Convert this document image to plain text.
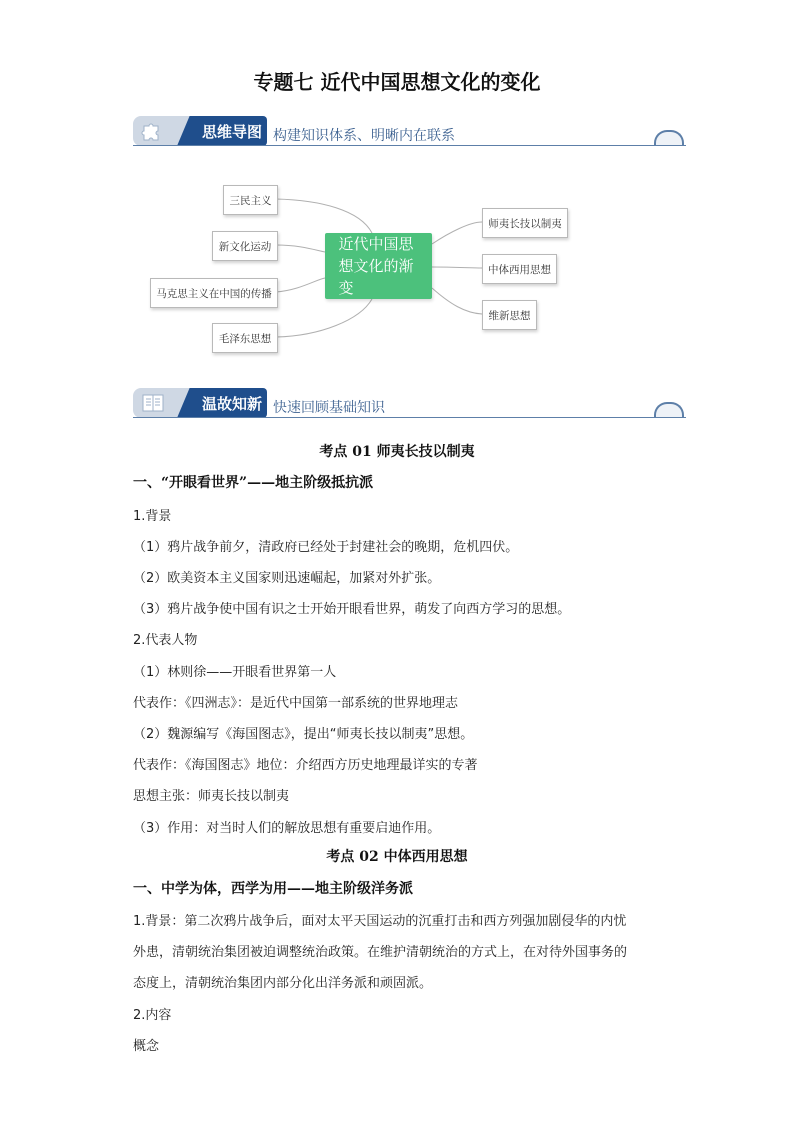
专题七 近代中国思想文化的变化
思维导图 构建知识体系、明晰内在联系
三民主义
新文化运动
马克思主义在中国的传播
毛泽东思想
近代中国思想文化的渐变
师夷长技以制夷
中体西用思想
维新思想
温故知新 快速回顾基础知识
考点 01 师夷长技以制夷
一、“开眼看世界”——地主阶级抵抗派
1.背景
（1）鸦片战争前夕，清政府已经处于封建社会的晚期，危机四伏。
（2）欧美资本主义国家则迅速崛起，加紧对外扩张。
（3）鸦片战争使中国有识之士开始开眼看世界，萌发了向西方学习的思想。
2.代表人物
（1）林则徐——开眼看世界第一人
代表作：《四洲志》：是近代中国第一部系统的世界地理志
（2）魏源编写《海国图志》，提出“师夷长技以制夷”思想。
代表作：《海国图志》地位：介绍西方历史地理最详实的专著
思想主张：师夷长技以制夷
（3）作用：对当时人们的解放思想有重要启迪作用。
考点 02 中体西用思想
一、中学为体，西学为用——地主阶级洋务派
1.背景：第二次鸦片战争后，面对太平天国运动的沉重打击和西方列强加剧侵华的内忧
外患，清朝统治集团被迫调整统治政策。在维护清朝统治的方式上，在对待外国事务的
态度上，清朝统治集团内部分化出洋务派和顽固派。
2.内容
概念
